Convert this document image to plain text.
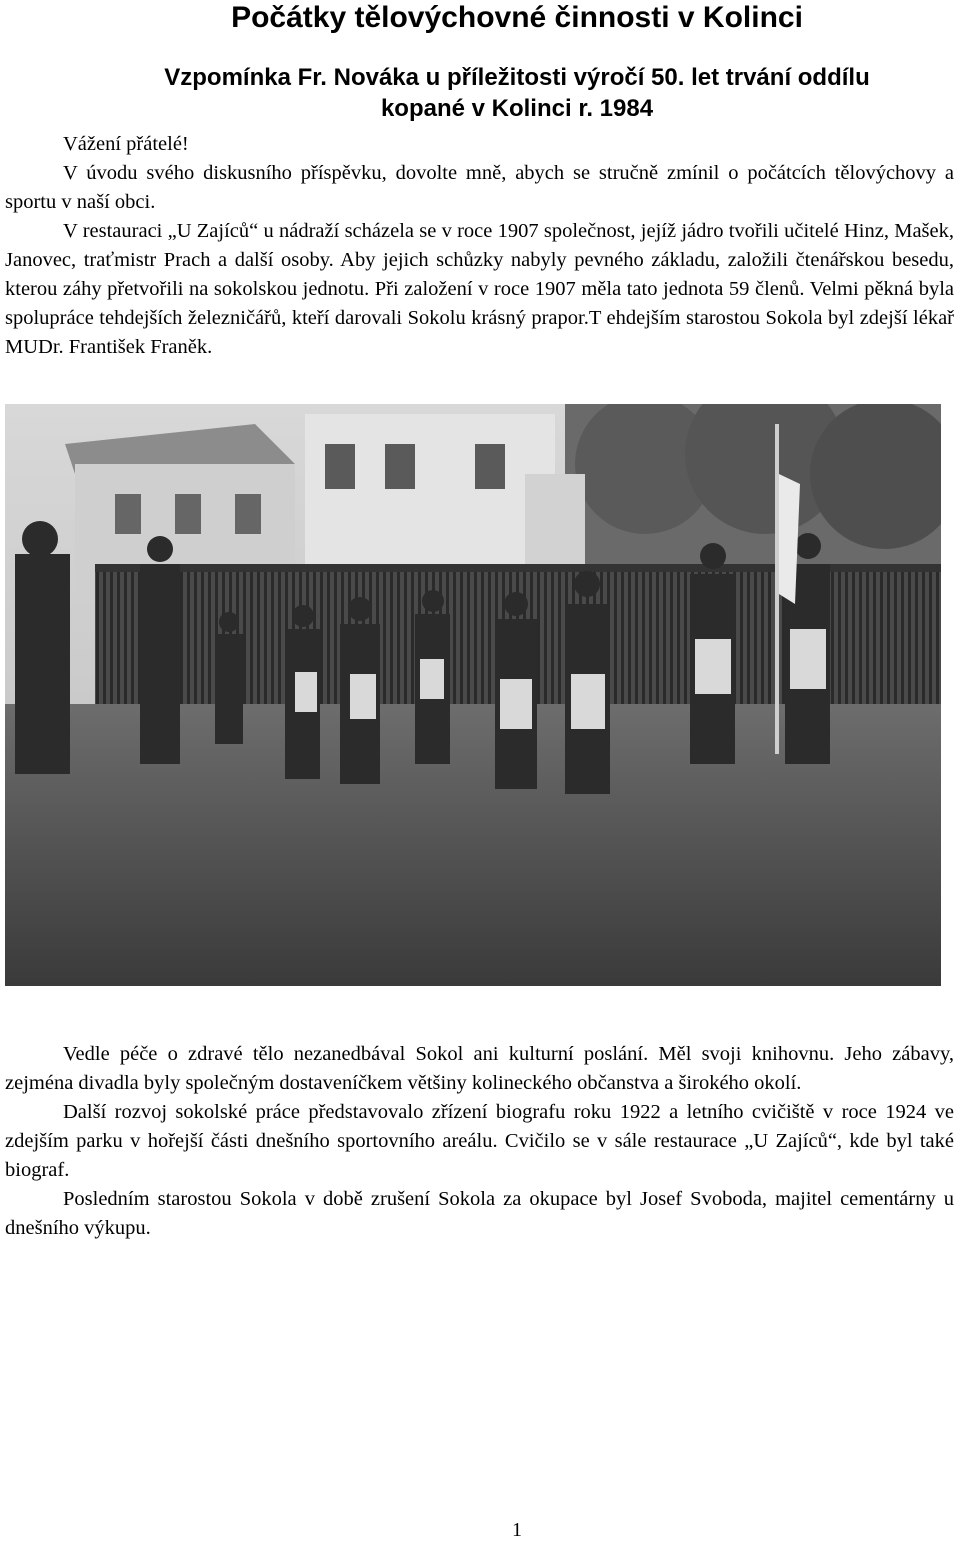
Počátky tělovýchovné činnosti v Kolinci
Vzpomínka Fr. Nováka u příležitosti výročí 50. let trvání oddílu
kopané v Kolinci r. 1984

Vážení přátelé!

V úvodu svého diskusního příspěvku, dovolte mně, abych se stručně zmínil o počátcích tělovýchovy a sportu v naší obci.

V restauraci „U Zajíců“ u nádraží scházela se v roce 1907 společnost, jejíž jádro tvořili učitelé Hinz, Mašek, Janovec, traťmistr Prach a další osoby. Aby jejich schůzky nabyly pevného základu, založili čtenářskou besedu, kterou záhy přetvořili na sokolskou jednotu. Při založení v roce 1907 měla tato jednota 59 členů. Velmi pěkná byla spolupráce tehdejších železničářů, kteří darovali Sokolu krásný prapor.T ehdejším starostou Sokola byl zdejší lékař MUDr. František Franěk.

Vedle péče o zdravé tělo nezanedbával Sokol ani kulturní poslání. Měl svoji knihovnu. Jeho zábavy, zejména divadla byly společným dostaveníčkem většiny kolineckého občanstva a širokého okolí.

Další rozvoj sokolské práce představovalo zřízení biografu roku 1922 a letního cvičiště v roce 1924 ve zdejším parku v hořejší části dnešního sportovního areálu. Cvičilo se v sále restaurace „U Zajíců“, kde byl také biograf.

Posledním starostou Sokola v době zrušení Sokola za okupace byl Josef Svoboda, majitel cementárny u dnešního výkupu.

1
